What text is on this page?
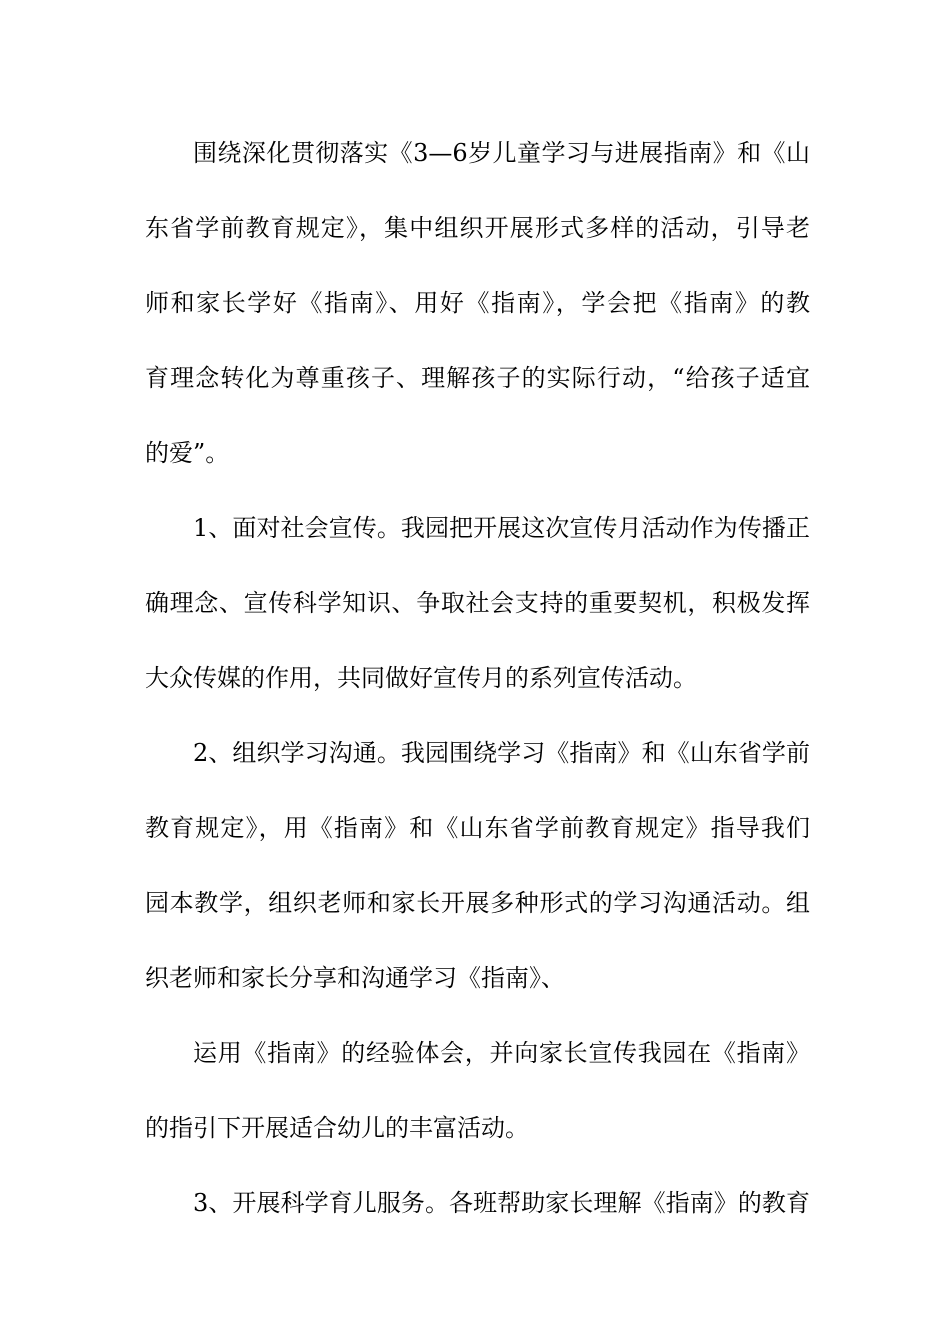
围绕深化贯彻落实《3—6岁儿童学习与进展指南》和《山
东省学前教育规定》，集中组织开展形式多样的活动，引导老
师和家长学好《指南》、用好《指南》，学会把《指南》的教
育理念转化为尊重孩子、理解孩子的实际行动，“给孩子适宜
的爱”。
1、面对社会宣传。我园把开展这次宣传月活动作为传播正
确理念、宣传科学知识、争取社会支持的重要契机，积极发挥
大众传媒的作用，共同做好宣传月的系列宣传活动。
2、组织学习沟通。我园围绕学习《指南》和《山东省学前
教育规定》，用《指南》和《山东省学前教育规定》指导我们
园本教学，组织老师和家长开展多种形式的学习沟通活动。组
织老师和家长分享和沟通学习《指南》、
运用《指南》的经验体会，并向家长宣传我园在《指南》
的指引下开展适合幼儿的丰富活动。
3、开展科学育儿服务。各班帮助家长理解《指南》的教育
